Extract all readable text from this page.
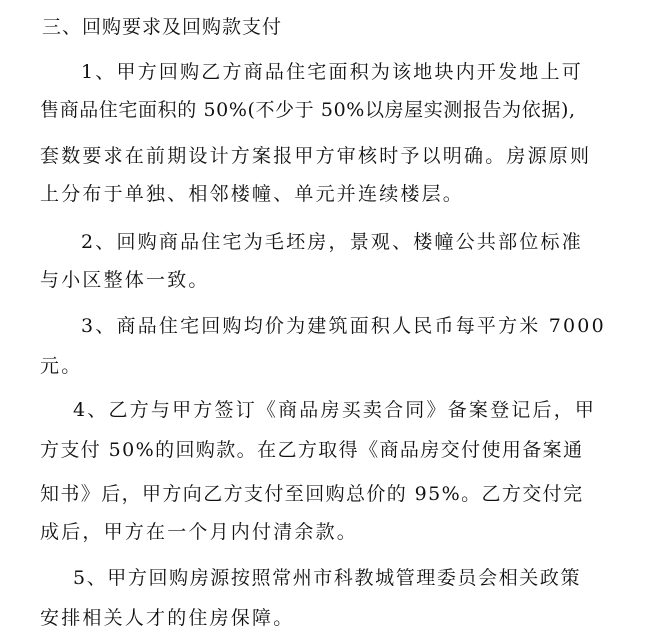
三、回购要求及回购款支付
1、甲方回购乙方商品住宅面积为该地块内开发地上可
售商品住宅面积的 50%(不少于 50%以房屋实测报告为依据),
套数要求在前期设计方案报甲方审核时予以明确。房源原则
上分布于单独、相邻楼幢、单元并连续楼层。
2、回购商品住宅为毛坯房，景观、楼幢公共部位标准
与小区整体一致。
3、商品住宅回购均价为建筑面积人民币每平方米 7000
元。
4、乙方与甲方签订《商品房买卖合同》备案登记后，甲
方支付 50%的回购款。在乙方取得《商品房交付使用备案通
知书》后，甲方向乙方支付至回购总价的 95%。乙方交付完
成后，甲方在一个月内付清余款。
5、甲方回购房源按照常州市科教城管理委员会相关政策
安排相关人才的住房保障。
